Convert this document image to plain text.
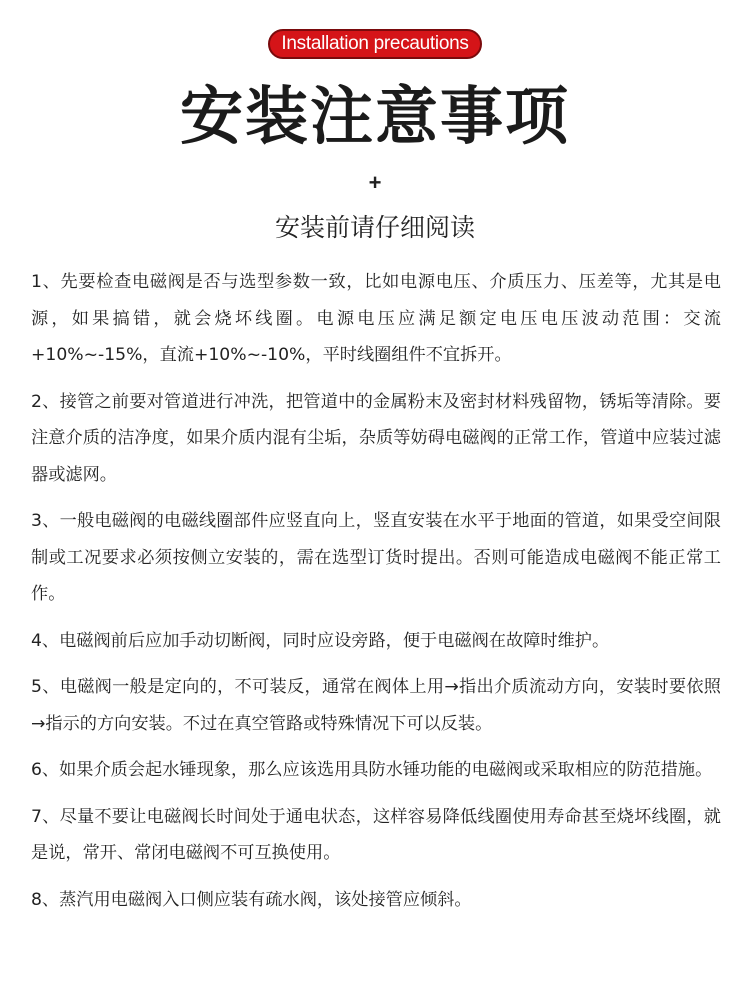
Installation precautions
安装注意事项
+
安装前请仔细阅读

1、先要检查电磁阀是否与选型参数一致，比如电源电压、介质压力、压差等，尤其是电源，如果搞错，就会烧坏线圈。电源电压应满足额定电压电压波动范围：交流+10%~-15%，直流+10%~-10%，平时线圈组件不宜拆开。

2、接管之前要对管道进行冲洗，把管道中的金属粉末及密封材料残留物，锈垢等清除。要注意介质的洁净度，如果介质内混有尘垢，杂质等妨碍电磁阀的正常工作，管道中应装过滤器或滤网。

3、一般电磁阀的电磁线圈部件应竖直向上，竖直安装在水平于地面的管道，如果受空间限制或工况要求必须按侧立安装的，需在选型订货时提出。否则可能造成电磁阀不能正常工作。

4、电磁阀前后应加手动切断阀，同时应设旁路，便于电磁阀在故障时维护。

5、电磁阀一般是定向的，不可装反，通常在阀体上用→指出介质流动方向，安装时要依照→指示的方向安装。不过在真空管路或特殊情况下可以反装。

6、如果介质会起水锤现象，那么应该选用具防水锤功能的电磁阀或采取相应的防范措施。

7、尽量不要让电磁阀长时间处于通电状态，这样容易降低线圈使用寿命甚至烧坏线圈，就是说，常开、常闭电磁阀不可互换使用。

8、蒸汽用电磁阀入口侧应装有疏水阀，该处接管应倾斜。
